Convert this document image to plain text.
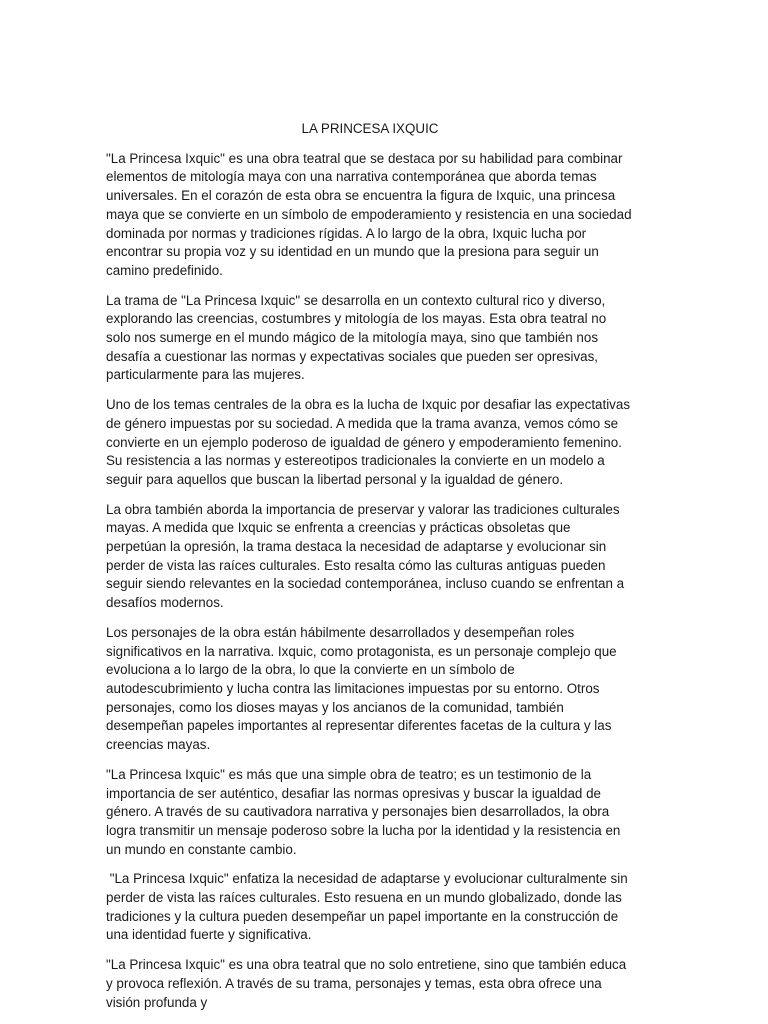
LA PRINCESA IXQUIC

"La Princesa Ixquic" es una obra teatral que se destaca por su habilidad para combinar elementos de mitología maya con una narrativa contemporánea que aborda temas universales. En el corazón de esta obra se encuentra la figura de Ixquic, una princesa maya que se convierte en un símbolo de empoderamiento y resistencia en una sociedad dominada por normas y tradiciones rígidas. A lo largo de la obra, Ixquic lucha por encontrar su propia voz y su identidad en un mundo que la presiona para seguir un camino predefinido.

La trama de "La Princesa Ixquic" se desarrolla en un contexto cultural rico y diverso, explorando las creencias, costumbres y mitología de los mayas. Esta obra teatral no solo nos sumerge en el mundo mágico de la mitología maya, sino que también nos desafía a cuestionar las normas y expectativas sociales que pueden ser opresivas, particularmente para las mujeres.

Uno de los temas centrales de la obra es la lucha de Ixquic por desafiar las expectativas de género impuestas por su sociedad. A medida que la trama avanza, vemos cómo se convierte en un ejemplo poderoso de igualdad de género y empoderamiento femenino. Su resistencia a las normas y estereotipos tradicionales la convierte en un modelo a seguir para aquellos que buscan la libertad personal y la igualdad de género.

La obra también aborda la importancia de preservar y valorar las tradiciones culturales mayas. A medida que Ixquic se enfrenta a creencias y prácticas obsoletas que perpetúan la opresión, la trama destaca la necesidad de adaptarse y evolucionar sin perder de vista las raíces culturales. Esto resalta cómo las culturas antiguas pueden seguir siendo relevantes en la sociedad contemporánea, incluso cuando se enfrentan a desafíos modernos.

Los personajes de la obra están hábilmente desarrollados y desempeñan roles significativos en la narrativa. Ixquic, como protagonista, es un personaje complejo que evoluciona a lo largo de la obra, lo que la convierte en un símbolo de autodescubrimiento y lucha contra las limitaciones impuestas por su entorno. Otros personajes, como los dioses mayas y los ancianos de la comunidad, también desempeñan papeles importantes al representar diferentes facetas de la cultura y las creencias mayas.

"La Princesa Ixquic" es más que una simple obra de teatro; es un testimonio de la importancia de ser auténtico, desafiar las normas opresivas y buscar la igualdad de género. A través de su cautivadora narrativa y personajes bien desarrollados, la obra logra transmitir un mensaje poderoso sobre la lucha por la identidad y la resistencia en un mundo en constante cambio.

"La Princesa Ixquic" enfatiza la necesidad de adaptarse y evolucionar culturalmente sin perder de vista las raíces culturales. Esto resuena en un mundo globalizado, donde las tradiciones y la cultura pueden desempeñar un papel importante en la construcción de una identidad fuerte y significativa.

"La Princesa Ixquic" es una obra teatral que no solo entretiene, sino que también educa y provoca reflexión. A través de su trama, personajes y temas, esta obra ofrece una visión profunda y
